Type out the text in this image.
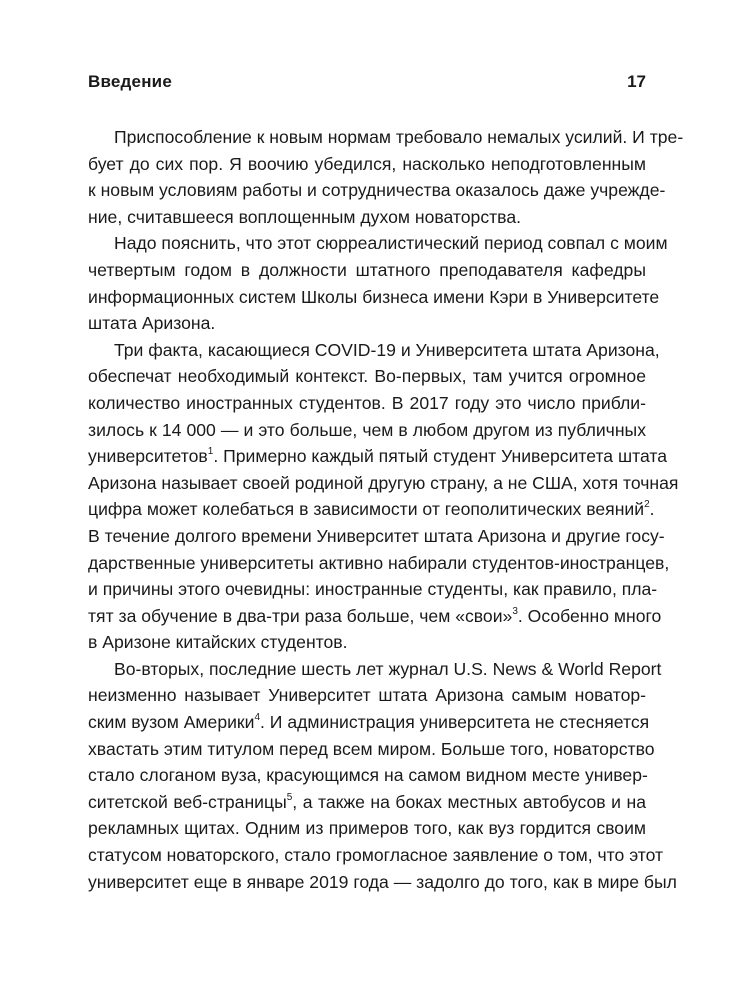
Введение	17
Приспособление к новым нормам требовало немалых усилий. И тре-
бует до сих пор. Я воочию убедился, насколько неподготовленным
к новым условиям работы и сотрудничества оказалось даже учрежде-
ние, считавшееся воплощенным духом новаторства.
Надо пояснить, что этот сюрреалистический период совпал с моим
четвертым годом в должности штатного преподавателя кафедры
информационных систем Школы бизнеса имени Кэри в Университете
штата Аризона.
Три факта, касающиеся COVID-19 и Университета штата Аризона,
обеспечат необходимый контекст. Во-первых, там учится огромное
количество иностранных студентов. В 2017 году это число прибли-
зилось к 14 000 — и это больше, чем в любом другом из публичных
университетов$^1$. Примерно каждый пятый студент Университета штата
Аризона называет своей родиной другую страну, а не США, хотя точная
цифра может колебаться в зависимости от геополитических веяний$^2$.
В течение долгого времени Университет штата Аризона и другие госу-
дарственные университеты активно набирали студентов-иностранцев,
и причины этого очевидны: иностранные студенты, как правило, пла-
тят за обучение в два-три раза больше, чем «свои»$^3$. Особенно много
в Аризоне китайских студентов.
Во-вторых, последние шесть лет журнал U.S. News & World Report
неизменно называет Университет штата Аризона самым новатор-
ским вузом Америки$^4$. И администрация университета не стесняется
хвастать этим титулом перед всем миром. Больше того, новаторство
стало слоганом вуза, красующимся на самом видном месте универ-
ситетской веб-страницы$^5$, а также на боках местных автобусов и на
рекламных щитах. Одним из примеров того, как вуз гордится своим
статусом новаторского, стало громогласное заявление о том, что этот
университет еще в январе 2019 года — задолго до того, как в мире был
